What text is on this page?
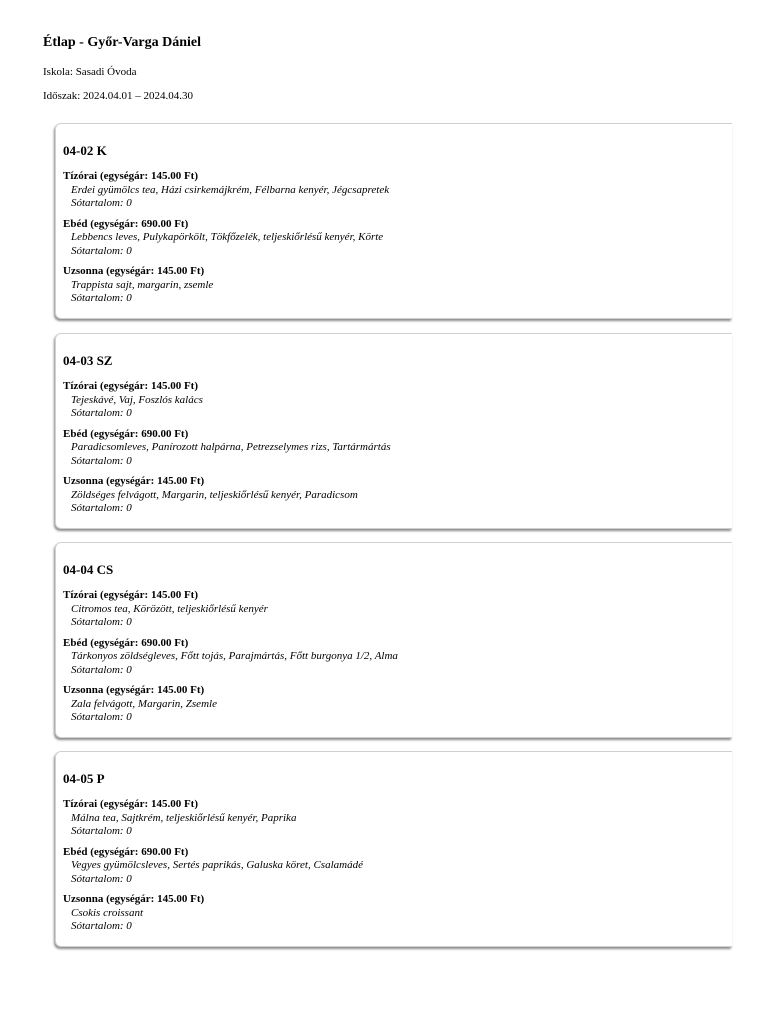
Étlap - Győr-Varga Dániel

Iskola: Sasadi Óvoda

Időszak: 2024.04.01 – 2024.04.30

04-02 K

Tízórai (egységár: 145.00 Ft)
Erdei gyümölcs tea, Házi csirkemájkrém, Félbarna kenyér, Jégcsapretek
Sótartalom: 0
Ebéd (egységár: 690.00 Ft)
Lebbencs leves, Pulykapörkölt, Tökfőzelék, teljeskiőrlésű kenyér, Körte
Sótartalom: 0
Uzsonna (egységár: 145.00 Ft)
Trappista sajt, margarin, zsemle
Sótartalom: 0

04-03 SZ

Tízórai (egységár: 145.00 Ft)
Tejeskávé, Vaj, Foszlós kalács
Sótartalom: 0
Ebéd (egységár: 690.00 Ft)
Paradicsomleves, Panírozott halpárna, Petrezselymes rizs, Tartármártás
Sótartalom: 0
Uzsonna (egységár: 145.00 Ft)
Zöldséges felvágott, Margarin, teljeskiőrlésű kenyér, Paradicsom
Sótartalom: 0

04-04 CS

Tízórai (egységár: 145.00 Ft)
Citromos tea, Körözött, teljeskiőrlésű kenyér
Sótartalom: 0
Ebéd (egységár: 690.00 Ft)
Tárkonyos zöldségleves, Főtt tojás, Parajmártás, Főtt burgonya 1/2, Alma
Sótartalom: 0
Uzsonna (egységár: 145.00 Ft)
Zala felvágott, Margarin, Zsemle
Sótartalom: 0

04-05 P

Tízórai (egységár: 145.00 Ft)
Málna tea, Sajtkrém, teljeskiőrlésű kenyér, Paprika
Sótartalom: 0
Ebéd (egységár: 690.00 Ft)
Vegyes gyümölcsleves, Sertés paprikás, Galuska köret, Csalamádé
Sótartalom: 0
Uzsonna (egységár: 145.00 Ft)
Csokis croissant
Sótartalom: 0
